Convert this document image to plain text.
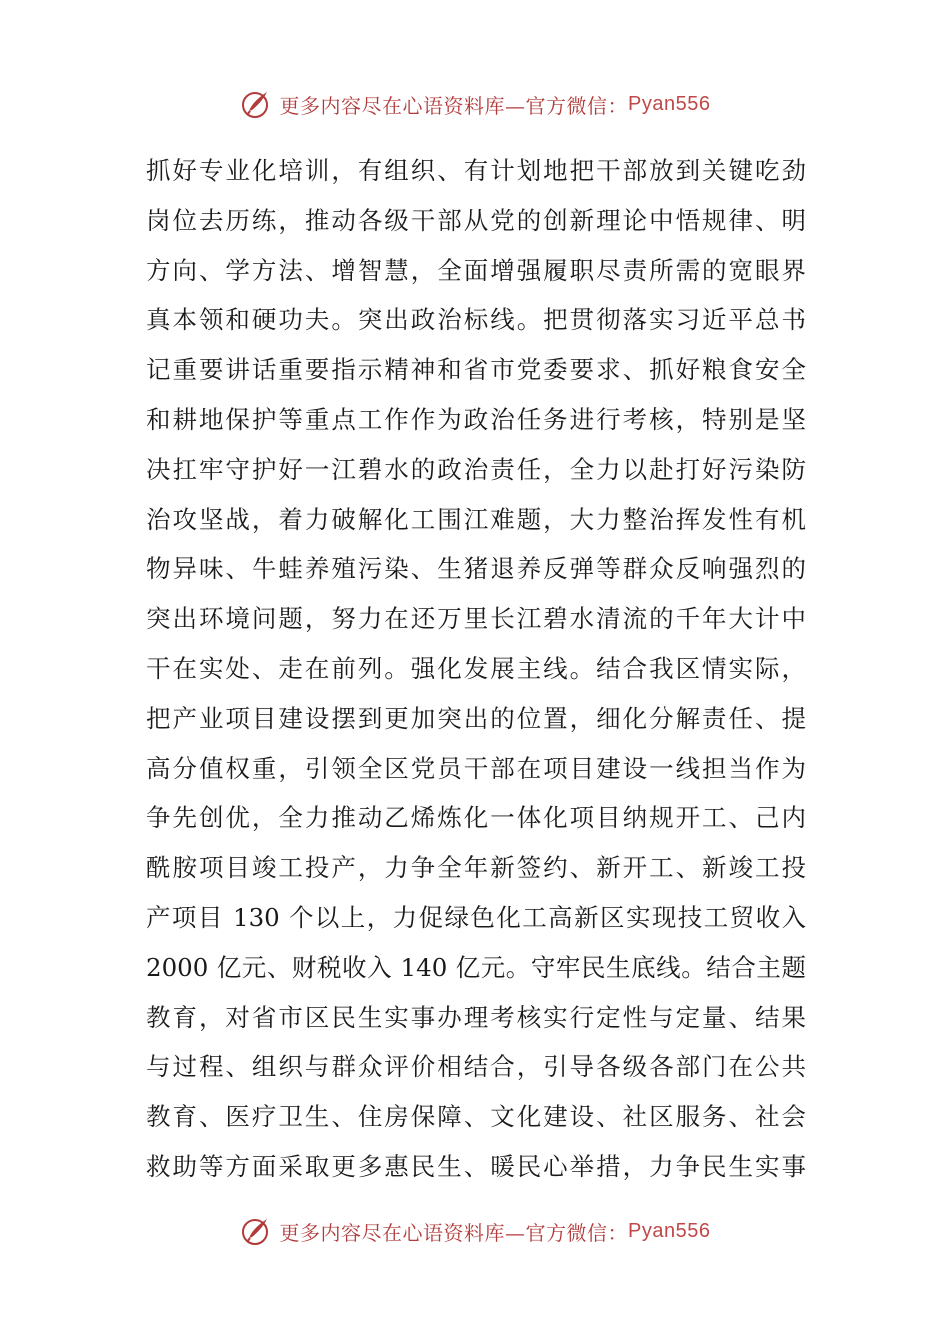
更多内容尽在心语资料库—官方微信： Pyan556
抓好专业化培训，有组织、有计划地把干部放到关键吃劲
岗位去历练，推动各级干部从党的创新理论中悟规律、明
方向、学方法、增智慧，全面增强履职尽责所需的宽眼界
真本领和硬功夫。突出政治标线。把贯彻落实习近平总书
记重要讲话重要指示精神和省市党委要求、抓好粮食安全
和耕地保护等重点工作作为政治任务进行考核，特别是坚
决扛牢守护好一江碧水的政治责任，全力以赴打好污染防
治攻坚战，着力破解化工围江难题，大力整治挥发性有机
物异味、牛蛙养殖污染、生猪退养反弹等群众反响强烈的
突出环境问题，努力在还万里长江碧水清流的千年大计中
干在实处、走在前列。强化发展主线。结合我区情实际，
把产业项目建设摆到更加突出的位置，细化分解责任、提
高分值权重，引领全区党员干部在项目建设一线担当作为
争先创优，全力推动乙烯炼化一体化项目纳规开工、己内
酰胺项目竣工投产，力争全年新签约、新开工、新竣工投
产项目 130 个以上，力促绿色化工高新区实现技工贸收入
2000 亿元、财税收入 140 亿元。守牢民生底线。结合主题
教育，对省市区民生实事办理考核实行定性与定量、结果
与过程、组织与群众评价相结合，引导各级各部门在公共
教育、医疗卫生、住房保障、文化建设、社区服务、社会
救助等方面采取更多惠民生、暖民心举措，力争民生实事
更多内容尽在心语资料库—官方微信： Pyan556
